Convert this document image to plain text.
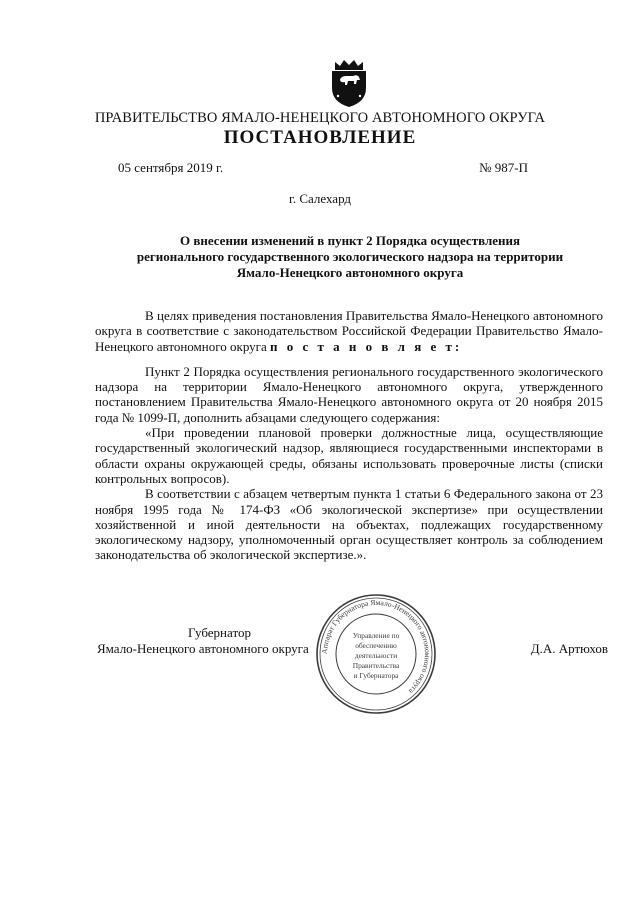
ПРАВИТЕЛЬСТВО ЯМАЛО-НЕНЕЦКОГО АВТОНОМНОГО ОКРУГА
ПОСТАНОВЛЕНИЕ
05 сентября 2019 г.	№ 987-П
г. Салехард
О внесении изменений в пункт 2 Порядка осуществления
регионального государственного экологического надзора на территории
Ямало-Ненецкого автономного округа

В целях приведения постановления Правительства Ямало-Ненецкого автономного округа в соответствие с законодательством Российской Федерации Правительство Ямало-Ненецкого автономного округа п о с т а н о в л я е т:

Пункт 2 Порядка осуществления регионального государственного экологического надзора на территории Ямало-Ненецкого автономного округа, утвержденного постановлением Правительства Ямало-Ненецкого автономного округа от 20 ноября 2015 года № 1099-П, дополнить абзацами следующего содержания:

«При проведении плановой проверки должностные лица, осуществляющие государственный экологический надзор, являющиеся государственными инспекторами в области охраны окружающей среды, обязаны использовать проверочные листы (списки контрольных вопросов).

В соответствии с абзацем четвертым пункта 1 статьи 6 Федерального закона от 23 ноября 1995 года № 174-ФЗ «Об экологической экспертизе» при осуществлении хозяйственной и иной деятельности на объектах, подлежащих государственному экологическому надзору, уполномоченный орган осуществляет контроль за соблюдением законодательства об экологической экспертизе.».

Губернатор
Ямало-Ненецкого автономного округа	Д.А. Артюхов
Аппарат Губернатора Ямало-Ненецкого автономного округа
Управление по
обеспечению
деятельности
Правительства
и Губернатора
